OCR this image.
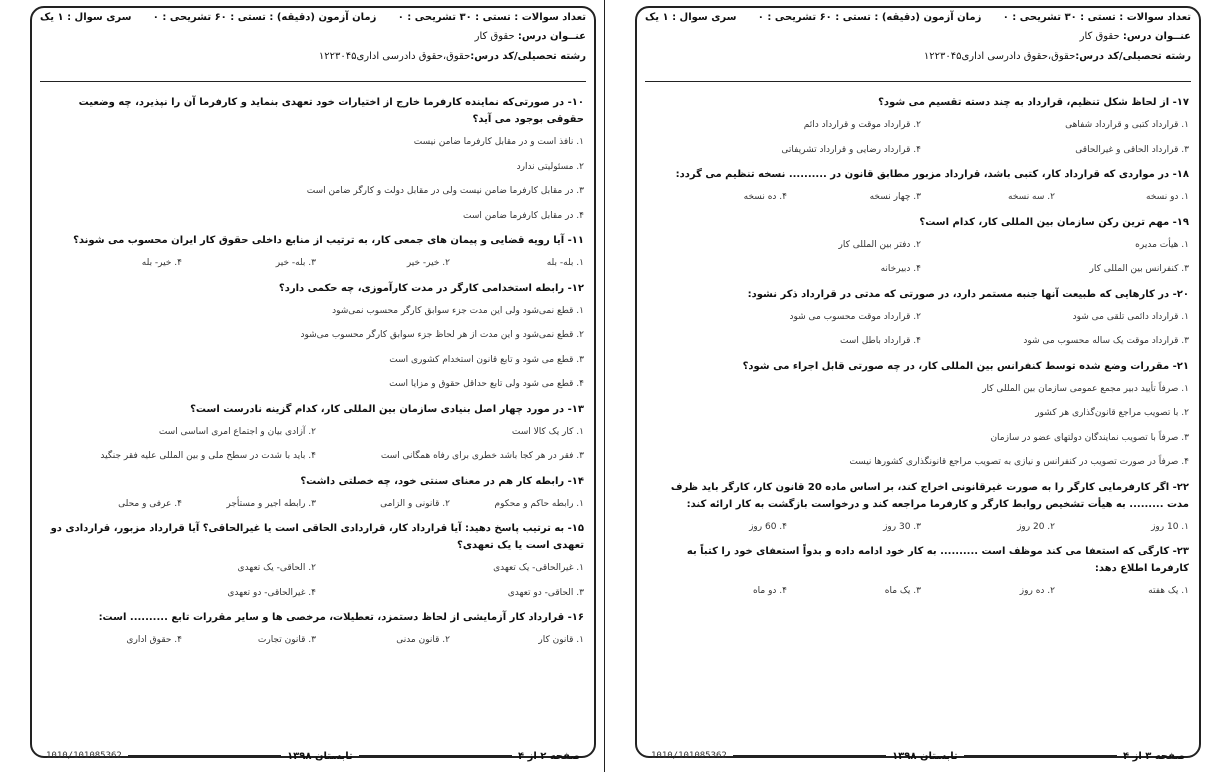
تعداد سوالات : تستی : ۳۰ تشریحی : ۰
زمان آزمون (دقیقه) : تستی : ۶۰ تشریحی : ۰
سری سوال : ۱ یک
عنــوان درس:

حقوق کار
رشته تحصیلی/کد درس:
حقوق،حقوق دادرسی اداری۱۲۲۳۰۴۵
۱۰- در صورتی‌که نماینده کارفرما خارج از اختیارات خود تعهدی بنماید و کارفرما آن را نپذیرد، چه وضعیت حقوقی بوجود می آید؟
۱. نافذ است و در مقابل کارفرما ضامن نیست
۲. مسئولیتی ندارد
۳. در مقابل کارفرما ضامن نیست ولی در مقابل دولت و کارگر ضامن است
۴. در مقابل کارفرما ضامن است
۱۱- آیا رویه قضایی و پیمان های جمعی کار، به ترتیب از منابع داخلی حقوق کار ایران محسوب می شوند؟
۱. بله- بله
۲. خیر- خیر
۳. بله- خیر
۴. خیر- بله
۱۲- رابطه استخدامی کارگر در مدت کارآموزی، چه حکمی دارد؟
۱. قطع نمی‌شود ولی این مدت جزء سوابق کارگر محسوب نمی‌شود
۲. قطع نمی‌شود و این مدت از هر لحاظ جزء سوابق کارگر محسوب می‌شود
۳. قطع می شود و تابع قانون استخدام کشوری است
۴. قطع می شود ولی تابع حداقل حقوق و مزایا است
۱۳- در مورد چهار اصل بنیادی سازمان بین المللی کار، کدام گزینه نادرست است؟
۱. کار یک کالا است
۲. آزادی بیان و اجتماع امری اساسی است
۳. فقر در هر کجا باشد خطری برای رفاه همگانی است
۴. باید با شدت در سطح ملی و بین المللی علیه فقر جنگید
۱۴- رابطه کار هم در معنای سنتی خود، چه خصلتی داشت؟
۱. رابطه حاکم و محکوم
۲. قانونی و الزامی
۳. رابطه اجیر و مستأجر
۴. عرفی و محلی
۱۵- به ترتیب پاسخ دهید: آیا قرارداد کار، قراردادی الحاقی است یا غیرالحاقی؟ آیا قرارداد مزبور، قراردادی دو تعهدی است یا یک تعهدی؟
۱. غیرالحاقی- یک تعهدی
۲. الحاقی- یک تعهدی
۳. الحاقی- دو تعهدی
۴. غیرالحاقی- دو تعهدی
۱۶- قرارداد کار آزمایشی از لحاظ دستمزد، تعطیلات، مرخصی ها و سایر مقررات تابع .......... است:
۱. قانون کار
۲. قانون مدنی
۳. قانون تجارت
۴. حقوق اداری
صفحه ۲ از ۴
تابستان ۱۳۹۸
1010/101085362
تعداد سوالات : تستی : ۳۰ تشریحی : ۰
زمان آزمون (دقیقه) : تستی : ۶۰ تشریحی : ۰
سری سوال : ۱ یک
عنــوان درس:

حقوق کار
رشته تحصیلی/کد درس:
حقوق،حقوق دادرسی اداری۱۲۲۳۰۴۵
۱۷- از لحاظ شکل تنظیم، قرارداد به چند دسته تقسیم می شود؟
۱. قرارداد کتبی و قرارداد شفاهی
۲. قرارداد موقت و قرارداد دائم
۳. قرارداد الحاقی و غیرالحاقی
۴. قرارداد رضایی و قرارداد تشریفاتی
۱۸- در مواردی که قرارداد کار، کتبی باشد، قرارداد مزبور مطابق قانون در .......... نسخه تنظیم می گردد:
۱. دو نسخه
۲. سه نسخه
۳. چهار نسخه
۴. ده نسخه
۱۹- مهم ترین رکن سازمان بین المللی کار، کدام است؟
۱. هیأت مدیره
۲. دفتر بین المللی کار
۳. کنفرانس بین المللی کار
۴. دبیرخانه
۲۰- در کارهایی که طبیعت آنها جنبه مستمر دارد، در صورتی که مدتی در قرارداد ذکر نشود:
۱. قرارداد دائمی تلقی می شود
۲. قرارداد موقت محسوب می شود
۳. قرارداد موقت یک ساله محسوب می شود
۴. قرارداد باطل است
۲۱- مقررات وضع شده توسط کنفرانس بین المللی کار، در چه صورتی قابل اجراء می شود؟
۱. صرفاً تأیید دبیر مجمع عمومی سازمان بین المللی کار
۲. با تصویب مراجع قانون‌گذاری هر کشور
۳. صرفاً با تصویب نمایندگان دولتهای عضو در سازمان
۴. صرفاً در صورت تصویب در کنفرانس و نیازی به تصویب مراجع قانونگذاری کشورها نیست
۲۲- اگر کارفرمایی کارگر را به صورت غیرقانونی اخراج کند، بر اساس ماده 20 قانون کار، کارگر باید ظرف مدت ......... به هیأت تشخیص روابط کارگر و کارفرما مراجعه کند و درخواست بازگشت به کار ارائه کند:
۱. 10 روز
۲. 20 روز
۳. 30 روز
۴. 60 روز
۲۳- کارگی که استعفا می کند موظف است .......... به کار خود ادامه داده و بدواً استعفای خود را کتباً به کارفرما اطلاع دهد:
۱. یک هفته
۲. ده روز
۳. یک ماه
۴. دو ماه
صفحه ۳ از ۴
تابستان ۱۳۹۸
1010/101085362
